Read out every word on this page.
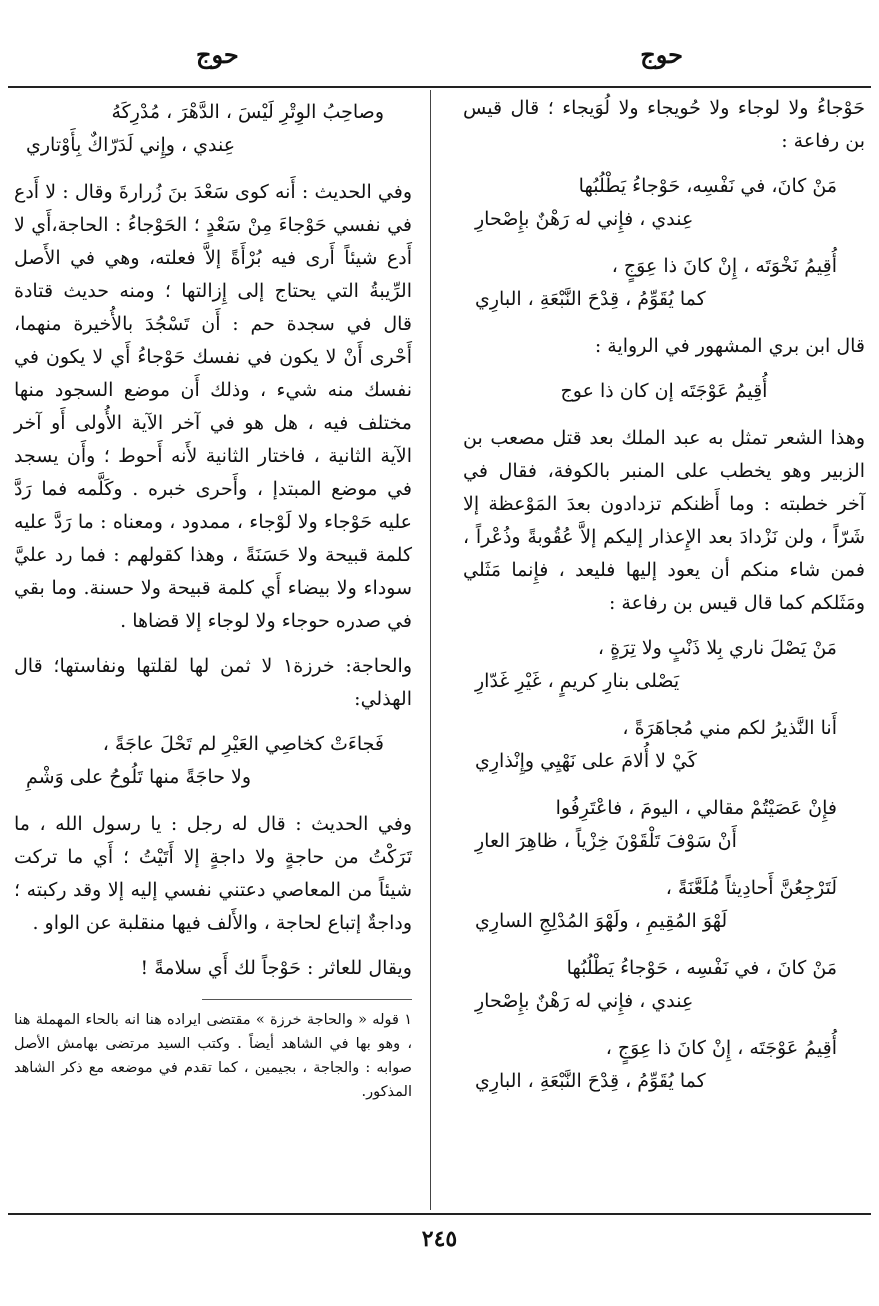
حوج
حوج

حَوْجاءُ ولا لوجاء ولا حُويجاء ولا لُوَيجاء ؛ قال قيس بن رفاعة :

مَنْ كانَ، في نَفْسِه، حَوْجاءُ يَطْلُبُها
عِندي ، فإِني له رَهْنٌ بإِصْحارِ
أُقِيمُ نَخْوَتَه ، إِنْ كانَ ذا عِوَجٍ ،
كما يُقَوِّمُ ، قِدْحَ النَّبْعَةِ ، البارِي

قال ابن بري المشهور في الرواية :

أُقِيمُ عَوْجَتَه إن كان ذا عوج

وهذا الشعر تمثل به عبد الملك بعد قتل مصعب بن الزبير وهو يخطب على المنبر بالكوفة، فقال في آخر خطبته : وما أَظنكم تزدادون بعدَ المَوْعظة إلا شَرّاً ، ولن نَزْدادَ بعد الإِعذار إليكم إلاَّ عُقُوبةً وذُعْراً ، فمن شاء منكم أن يعود إليها فليعد ، فإِنما مَثَلي ومَثَلكم كما قال قيس بن رفاعة :

مَنْ يَصْلَ ناري بِلا ذَنْبٍ ولا تِرَةٍ ،
يَصْلى بنارِ كريمٍ ، غَيْرِ غَدّارِ
أَنا النَّذيرُ لكم مني مُجاهَرَةً ،
كَيْ لا أُلامَ على نَهْيِي وإِنْذارِي
فإِنْ عَصَيْتُمْ مقالي ، اليومَ ، فاعْتَرِفُوا
أَنْ سَوْفَ تَلْقَوْنَ خِزْياً ، ظاهِرَ العارِ
لَتَرْجِعُنَّ أَحادِيثاً مُلَعَّنَةً ،
لَهْوَ المُقِيمِ ، ولَهْوَ المُدْلِجِ السارِي
مَنْ كانَ ، في نَفْسِه ، حَوْجاءُ يَطْلُبُها
عِندي ، فإِني له رَهْنٌ بإِصْحارِ
أُقِيمُ عَوْجَتَه ، إِنْ كانَ ذا عِوَجٍ ،
كما يُقَوِّمُ ، قِدْحَ النَّبْعَةِ ، البارِي
وصاحِبُ الوِتْرِ لَيْسَ ، الدَّهْرَ ، مُدْرِكَهُ
عِندي ، وإِني لَدَرّاكٌ بِأَوْتاري

وفي الحديث : أَنه كوى سَعْدَ بنَ زُرارةَ وقال : لا أَدع في نفسي حَوْجاءَ مِنْ سَعْدٍ ؛ الحَوْجاءُ : الحاجة،أَي لا أَدع شيئاً أَرى فيه بُرْأَةً إلاَّ فعلته، وهي في الأَصل الرِّيبةُ التي يحتاج إلى إِزالتها ؛ ومنه حديث قتادة قال في سجدة حم : أَن تَسْجُدَ بالأُخيرة منهما، أَحْرى أَنْ لا يكون في نفسك حَوْجاءُ أَي لا يكون في نفسك منه شيء ، وذلك أَن موضع السجود منها مختلف فيه ، هل هو في آخر الآية الأُولى أَو آخر الآية الثانية ، فاختار الثانية لأَنه أَحوط ؛ وأَن يسجد في موضع المبتدإ ، وأَحرى خبره . وكَلَّمه فما رَدَّ عليه حَوْجاء ولا لَوْجاء ، ممدود ، ومعناه : ما رَدَّ عليه كلمة قبيحة ولا حَسَنَةً ، وهذا كقولهم : فما رد عليَّ سوداء ولا بيضاء أَي كلمة قبيحة ولا حسنة. وما بقي في صدره حوجاء ولا لوجاء إلا قضاها .

والحاجة: خرزة١ لا ثمن لها لقلتها ونفاستها؛ قال الهذلي:

فَجاءَتْ كخاصِي العَيْرِ لم تَحْلَ عاجَةً ،
ولا حاجَةً منها تَلُوحُ على وَشْمِ

وفي الحديث : قال له رجل : يا رسول الله ، ما تَرَكْتُ من حاجةٍ ولا داجةٍ إلا أَتَيْتُ ؛ أَي ما تركت شيئاً من المعاصي دعتني نفسي إليه إلا وقد ركبته ؛ وداجةٌ إتباع لحاجة ، والأَلف فيها منقلبة عن الواو .

ويقال للعاثر : حَوْجاً لك أَي سلامةً !

١ قوله « والحاجة خرزة » مقتضى ايراده هنا انه بالحاء المهملة هنا ، وهو بها في الشاهد أيضاً . وكتب السيد مرتضى بهامش الأصل صوابه : والجاجة ، بجيمين ، كما تقدم في موضعه مع ذكر الشاهد المذكور.

٢٤٥
